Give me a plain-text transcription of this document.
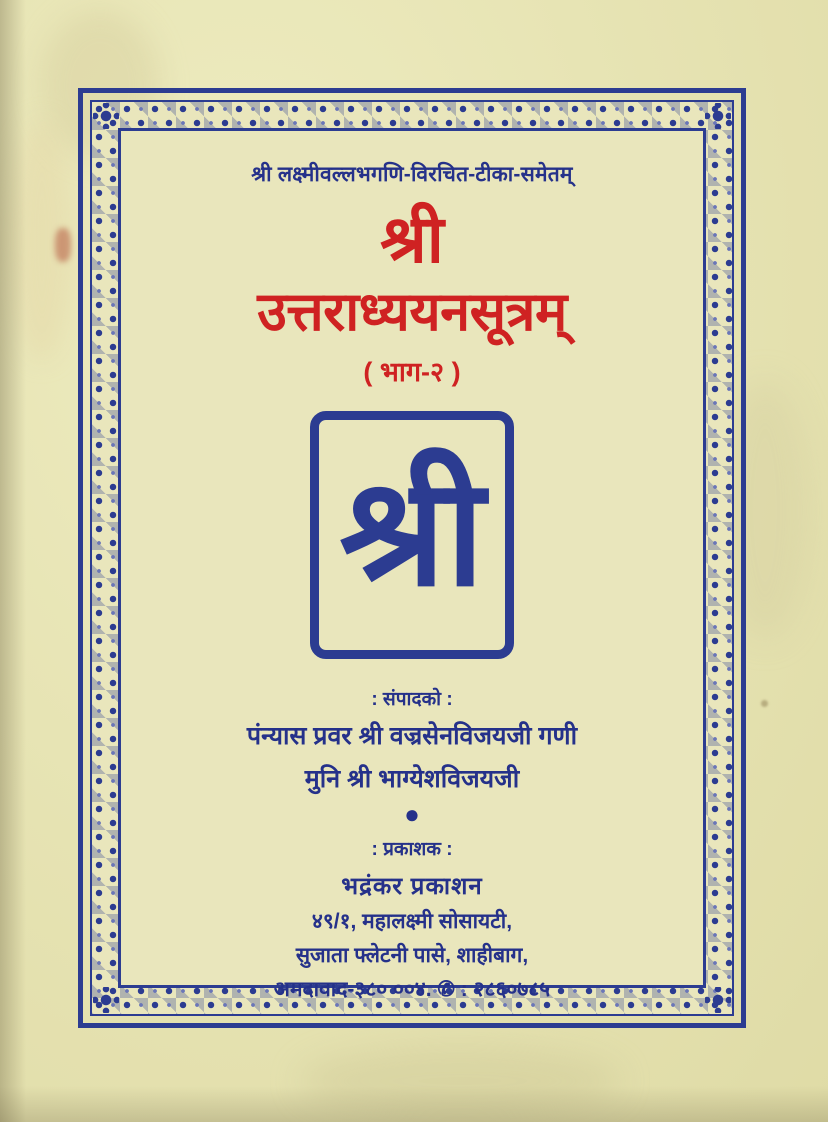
श्री लक्ष्मीवल्लभगणि-विरचित-टीका-समेतम्
श्री
उत्तराध्ययनसूत्रम्
( भाग-२ )
श्री
: संपादको :
पंन्यास प्रवर श्री वज्रसेनविजयजी गणी
मुनि श्री भाग्येशविजयजी
●
: प्रकाशक :
भद्रंकर प्रकाशन
४९/१, महालक्ष्मी सोसायटी,
सुजाता फ्लेटनी पासे, शाहीबाग,
अमदावाद-३८० ००४. ✆ : २८६०७८५
